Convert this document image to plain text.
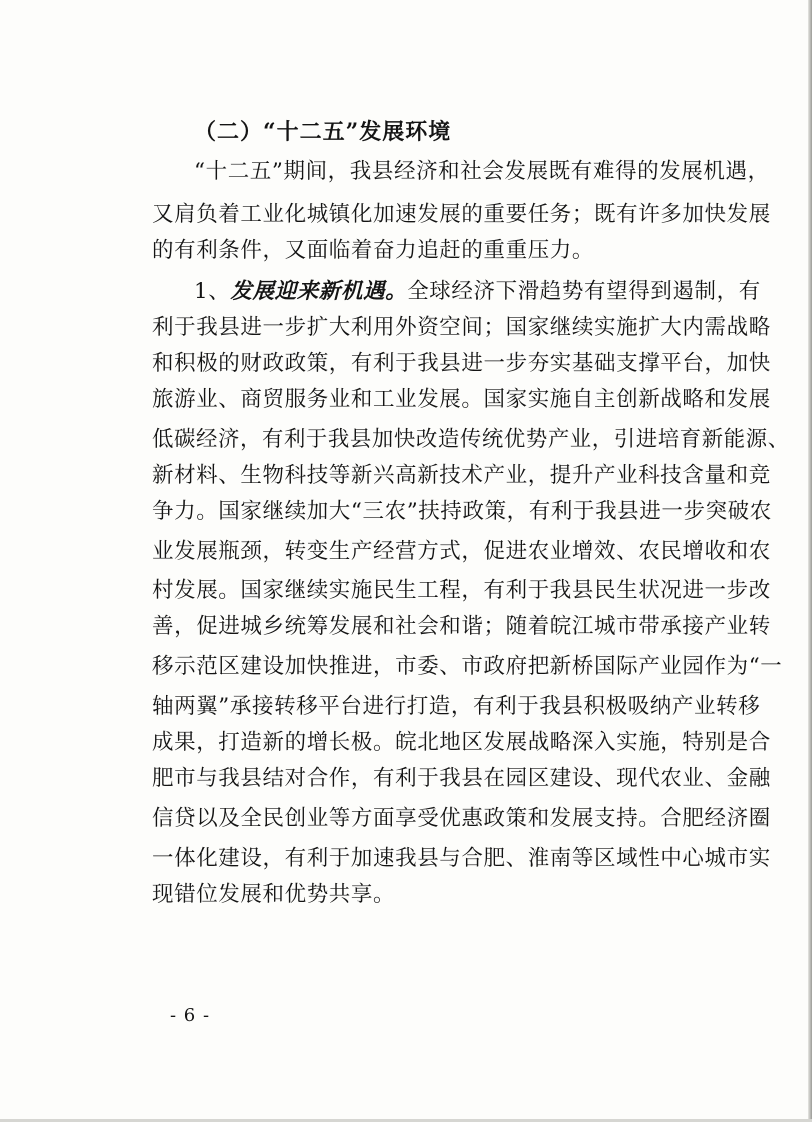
（二）“十二五”发展环境
“十二五”期间，我县经济和社会发展既有难得的发展机遇，
又肩负着工业化城镇化加速发展的重要任务；既有许多加快发展
的有利条件，又面临着奋力追赶的重重压力。
1、发展迎来新机遇。全球经济下滑趋势有望得到遏制，有
利于我县进一步扩大利用外资空间；国家继续实施扩大内需战略
和积极的财政政策，有利于我县进一步夯实基础支撑平台，加快
旅游业、商贸服务业和工业发展。国家实施自主创新战略和发展
低碳经济，有利于我县加快改造传统优势产业，引进培育新能源、
新材料、生物科技等新兴高新技术产业，提升产业科技含量和竞
争力。国家继续加大“三农”扶持政策，有利于我县进一步突破农
业发展瓶颈，转变生产经营方式，促进农业增效、农民增收和农
村发展。国家继续实施民生工程，有利于我县民生状况进一步改
善，促进城乡统筹发展和社会和谐；随着皖江城市带承接产业转
移示范区建设加快推进，市委、市政府把新桥国际产业园作为“一
轴两翼”承接转移平台进行打造，有利于我县积极吸纳产业转移
成果，打造新的增长极。皖北地区发展战略深入实施，特别是合
肥市与我县结对合作，有利于我县在园区建设、现代农业、金融
信贷以及全民创业等方面享受优惠政策和发展支持。合肥经济圈
一体化建设，有利于加速我县与合肥、淮南等区域性中心城市实
现错位发展和优势共享。
- 6 -
